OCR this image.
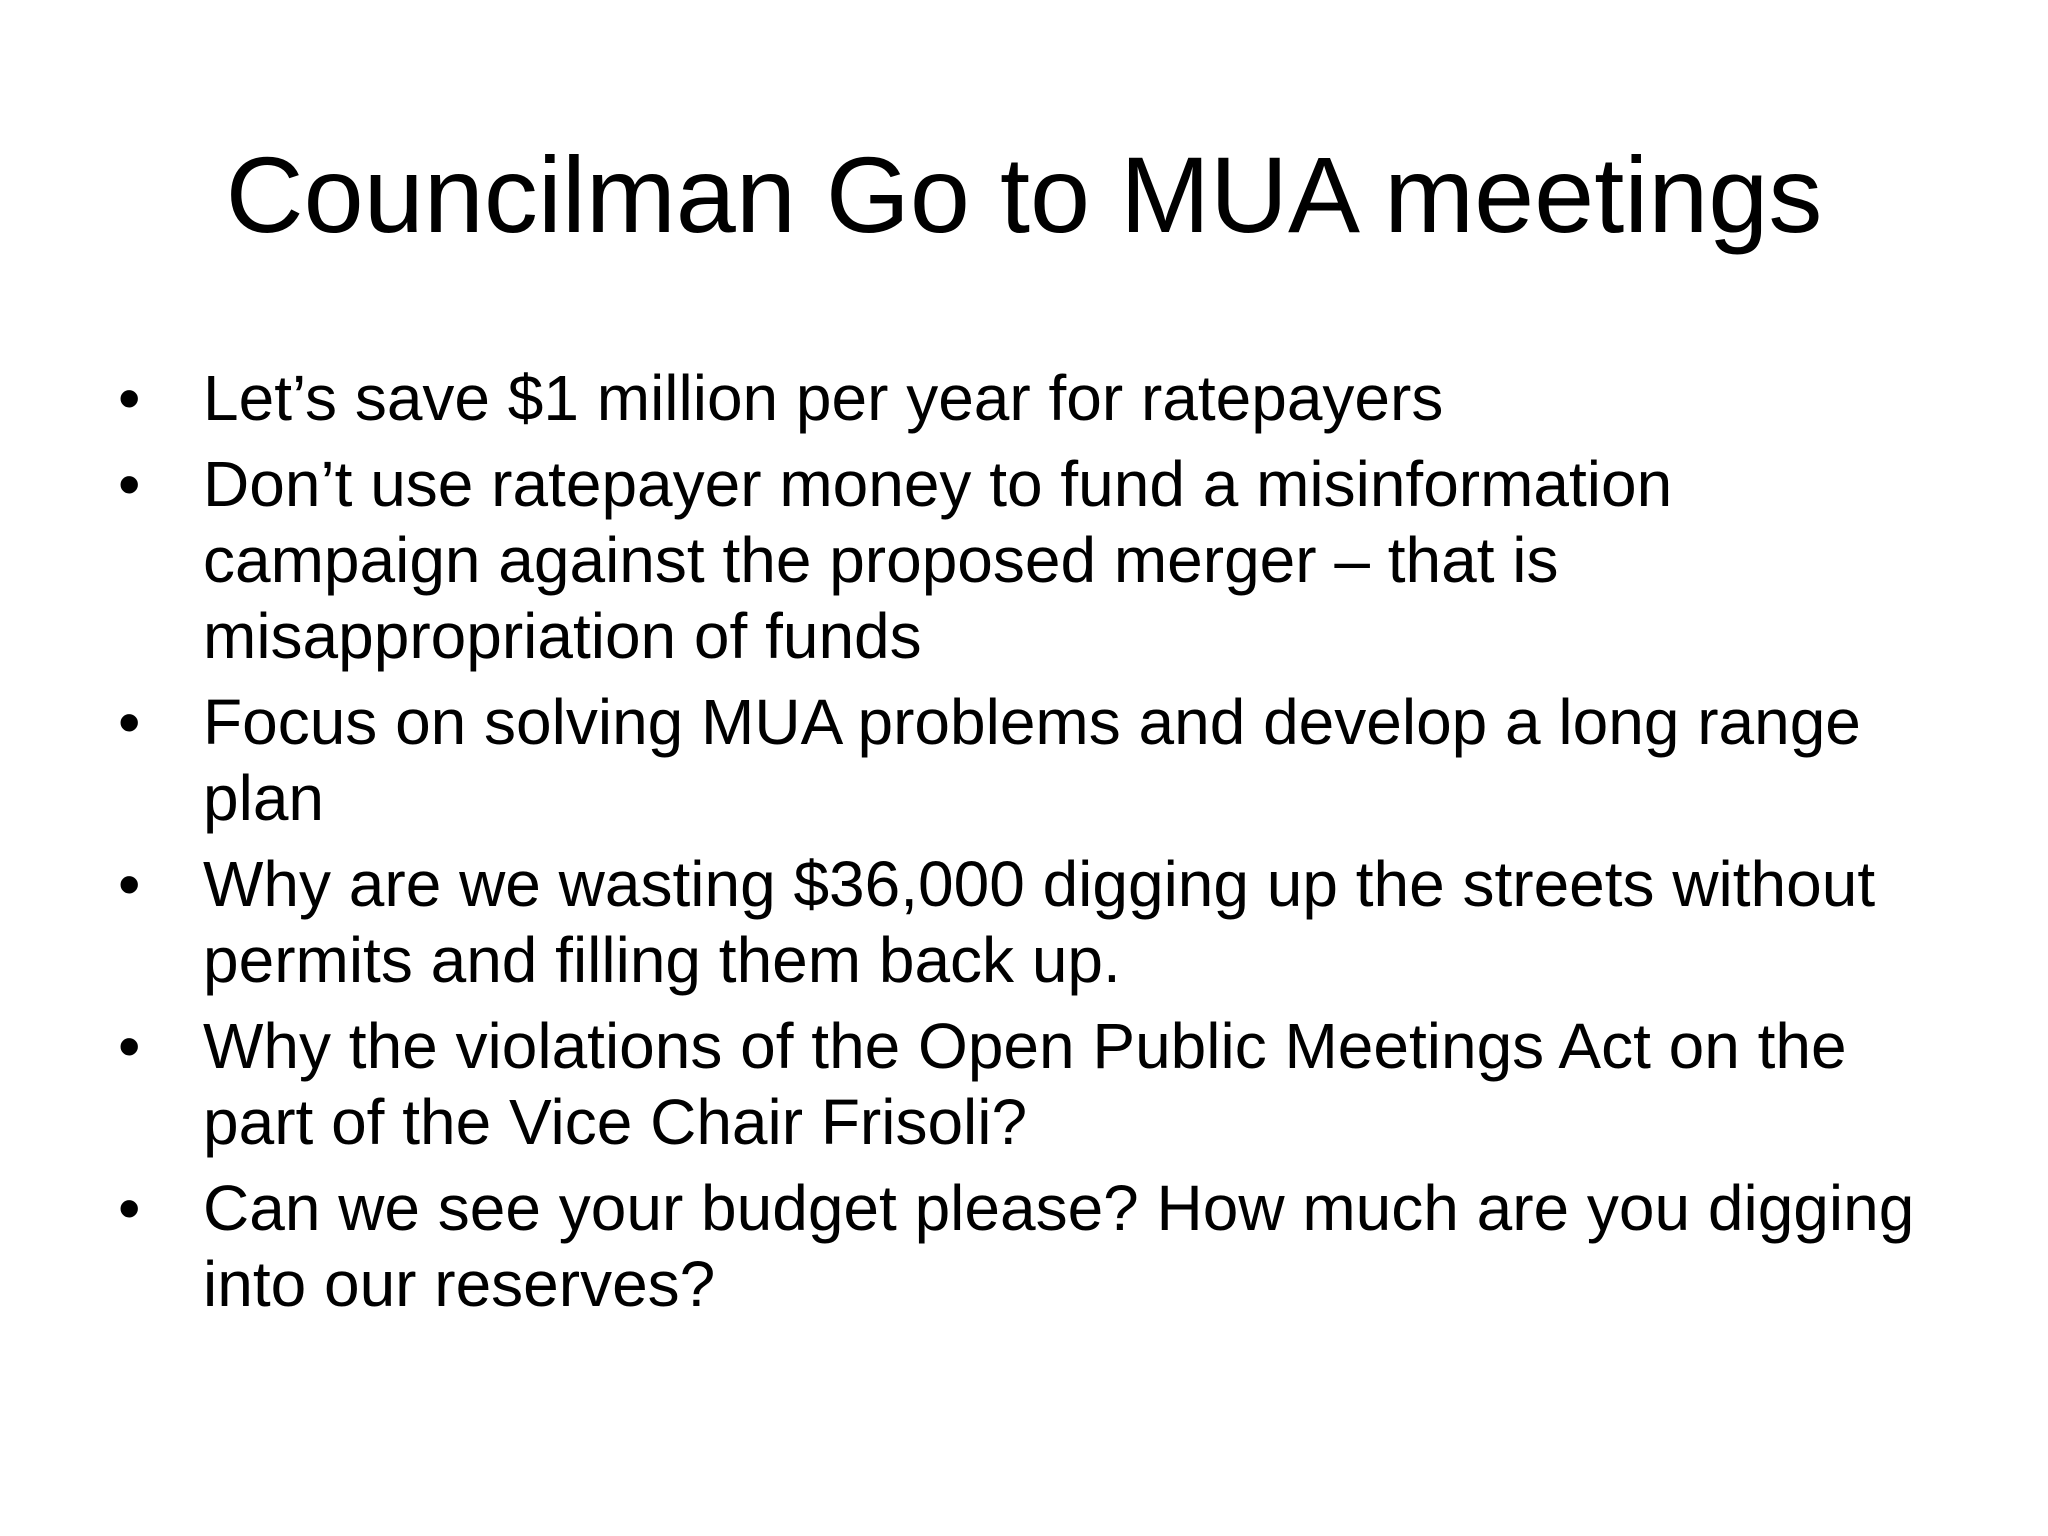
Councilman Go to MUA meetings
• Let’s save $1 million per year for ratepayers
• Don’t use ratepayer money to fund a misinformation campaign against the proposed merger – that is misappropriation of funds
• Focus on solving MUA problems and develop a long range plan
• Why are we wasting $36,000 digging up the streets without permits and filling them back up.
• Why the violations of the Open Public Meetings Act on the part of the Vice Chair Frisoli?
• Can we see your budget please? How much are you digging into our reserves?
